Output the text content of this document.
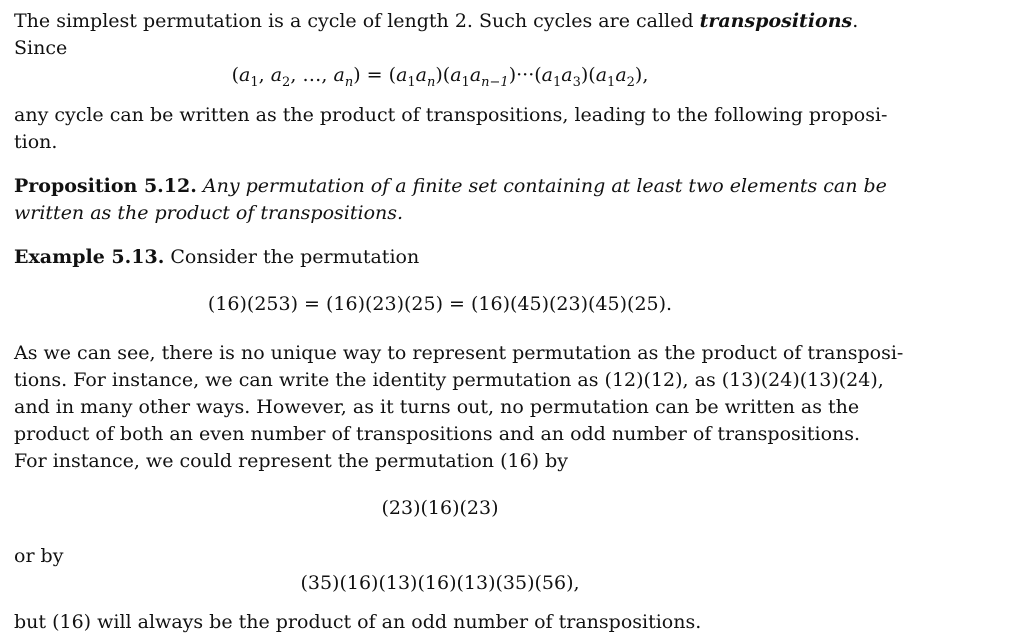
The simplest permutation is a cycle of length 2. Such cycles are called transpositions.
Since
($a_1$, $a_2$, …, $a_n) = (a_1a_n)(a_1a_{n-1})\cdot\cdot\cdot(a_1a_3)(a_1a_2)$,
any cycle can be written as the product of transpositions, leading to the following proposi-
tion.
Proposition 5.12. Any permutation of a finite set containing at least two elements can be
written as the product of transpositions.
Example 5.13. Consider the permutation
(16)(253) = (16)(23)(25) = (16)(45)(23)(45)(25).
As we can see, there is no unique way to represent permutation as the product of transposi-
tions. For instance, we can write the identity permutation as (12)(12), as (13)(24)(13)(24),
and in many other ways. However, as it turns out, no permutation can be written as the
product of both an even number of transpositions and an odd number of transpositions.
For instance, we could represent the permutation (16) by
(23)(16)(23)
or by
(35)(16)(13)(16)(13)(35)(56),
but (16) will always be the product of an odd number of transpositions.
